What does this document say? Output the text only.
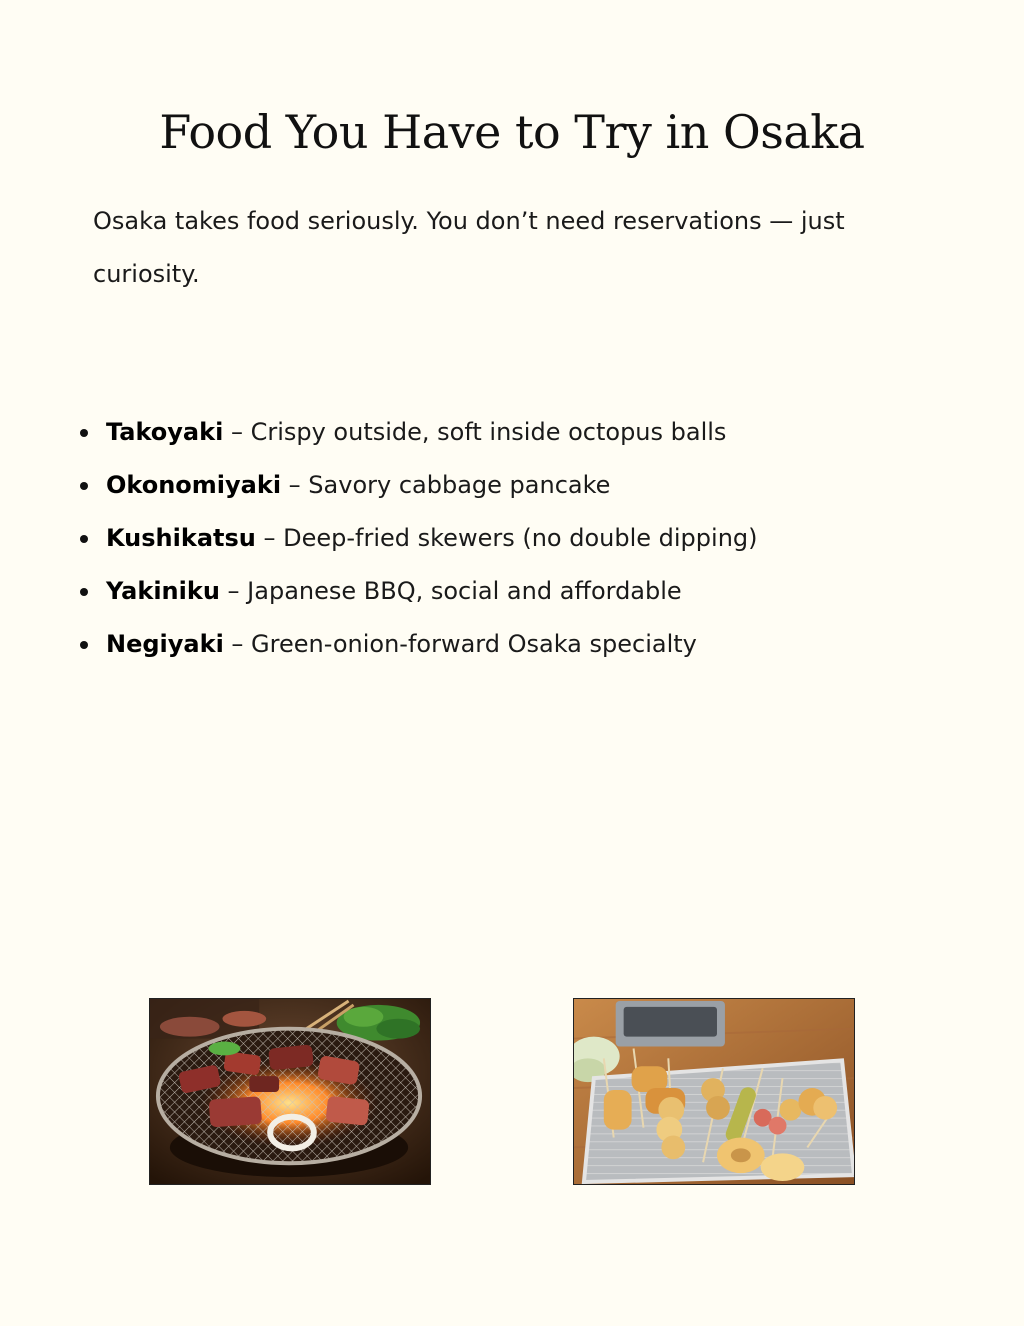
Food You Have to Try in Osaka

Osaka takes food seriously. You don’t need reservations — just curiosity.

Takoyaki – Crispy outside, soft inside octopus balls
Okonomiyaki – Savory cabbage pancake
Kushikatsu – Deep-fried skewers (no double dipping)
Yakiniku – Japanese BBQ, social and affordable
Negiyaki – Green-onion-forward Osaka specialty
